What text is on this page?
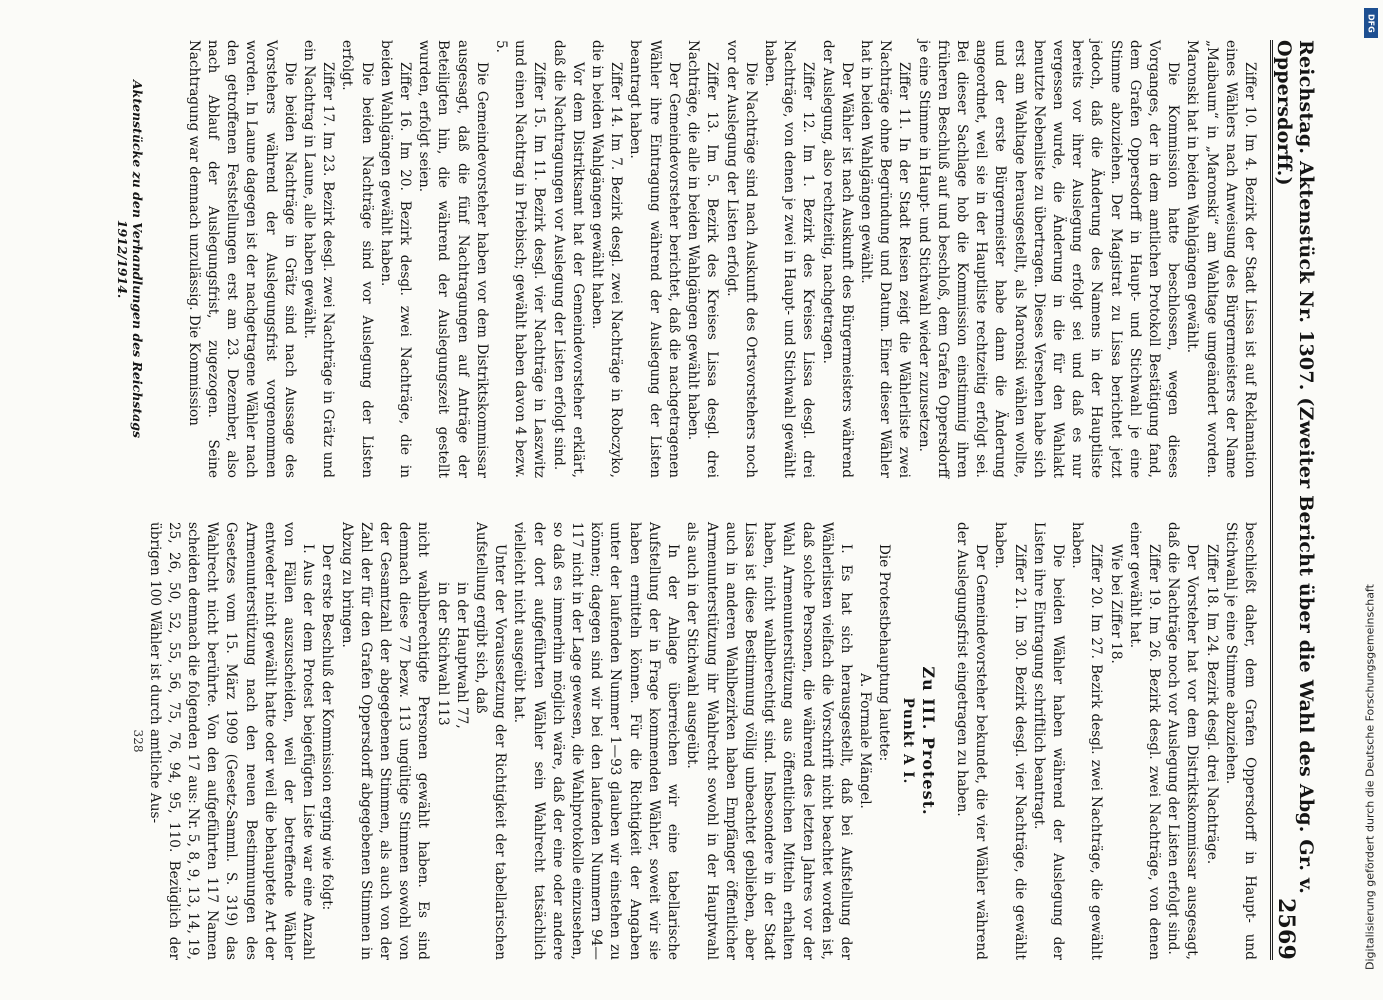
Reichstag. Aktenstück Nr. 1307. (Zweiter Bericht über die Wahl des Abg. Gr. v. Oppersdorff.)
2569

Ziffer 10. Im 4. Bezirk der Stadt Lissa ist auf Reklamation eines Wählers nach Anweisung des Bürgermeisters der Name „Maibaum“ in „Maronski“ am Wahltage umgeändert worden. Maronski hat in beiden Wahlgängen gewählt.

Die Kommission hatte beschlossen, wegen dieses Vorganges, der in dem amtlichen Protokoll Bestätigung fand, dem Grafen Oppersdorff in Haupt- und Stichwahl je eine Stimme abzuziehen. Der Magistrat zu Lissa berichtet jetzt jedoch, daß die Änderung des Namens in der Hauptliste bereits vor ihrer Auslegung erfolgt sei und daß es nur vergessen wurde, die Änderung in die für den Wahlakt benutzte Nebenliste zu übertragen. Dieses Versehen habe sich erst am Wahltage herausgestellt, als Maronski wählen wollte, und der erste Bürgermeister habe dann die Änderung angeordnet, weil sie in der Hauptliste rechtzeitig erfolgt sei. Bei dieser Sachlage hob die Kommission einstimmig ihren früheren Beschluß auf und beschloß, dem Grafen Oppersdorff je eine Stimme in Haupt- und Stichwahl wieder zuzusetzen.

Ziffer 11. In der Stadt Reisen zeigt die Wählerliste zwei Nachträge ohne Begründung und Datum. Einer dieser Wähler hat in beiden Wahlgängen gewählt.

Der Wähler ist nach Auskunft des Bürgermeisters während der Auslegung, also rechtzeitig, nachgetragen.

Ziffer 12. Im 1. Bezirk des Kreises Lissa desgl. drei Nachträge, von denen je zwei in Haupt- und Stichwahl gewählt haben.

Die Nachträge sind nach Auskunft des Ortsvorstehers noch vor der Auslegung der Listen erfolgt.

Ziffer 13. Im 5. Bezirk des Kreises Lissa desgl. drei Nachträge, die alle in beiden Wahlgängen gewählt haben.

Der Gemeindevorsteher berichtet, daß die nachgetragenen Wähler ihre Eintragung während der Auslegung der Listen beantragt haben.

Ziffer 14. Im 7. Bezirk desgl. zwei Nachträge in Robczyko, die in beiden Wahlgängen gewählt haben.

Vor dem Distriktsamt hat der Gemeindevorsteher erklärt, daß die Nachtragungen vor Auslegung der Listen erfolgt sind.

Ziffer 15. Im 11. Bezirk desgl. vier Nachträge in Laszwitz und einen Nachtrag in Priebisch; gewählt haben davon 4 bezw. 5.

Die Gemeindevorsteher haben vor dem Distriktskommissar ausgesagt, daß die fünf Nachtragungen auf Anträge der Beteiligten hin, die während der Auslegungszeit gestellt wurden, erfolgt seien.

Ziffer 16. Im 20. Bezirk desgl. zwei Nachträge, die in beiden Wahlgängen gewählt haben.

Die beiden Nachträge sind vor Auslegung der Listen erfolgt.

Ziffer 17. Im 23. Bezirk desgl. zwei Nachträge in Grätz und ein Nachtrag in Laune, alle haben gewählt.

Die beiden Nachträge in Grätz sind nach Aussage des Vorstehers während der Auslegungsfrist vorgenommen worden. In Laune dagegen ist der nachgetragene Wähler nach den getroffenen Feststellungen erst am 23. Dezember, also nach Ablauf der Auslegungsfrist, zugezogen. Seine Nachtragung war demnach unzulässig. Die Kommission

beschließt daher, dem Grafen Oppersdorff in Haupt- und Stichwahl je eine Stimme abzuziehen.

Ziffer 18. Im 24. Bezirk desgl. drei Nachträge.

Der Vorsteher hat vor dem Distriktskommissar ausgesagt, daß die Nachträge noch vor Auslegung der Listen erfolgt sind.

Ziffer 19. Im 26. Bezirk desgl. zwei Nachträge, von denen einer gewählt hat.

Wie bei Ziffer 18.

Ziffer 20. Im 27. Bezirk desgl. zwei Nachträge, die gewählt haben.

Die beiden Wähler haben während der Auslegung der Listen ihre Eintragung schriftlich beantragt.

Ziffer 21. Im 30. Bezirk desgl. vier Nachträge, die gewählt haben.

Der Gemeindevorsteher bekundet, die vier Wähler während der Auslegungsfrist eingetragen zu haben.

Zu III. Protest.

Punkt A I.

Die Protestbehauptung lautete:

A. Formale Mängel.

I. Es hat sich herausgestellt, daß bei Aufstellung der Wählerlisten vielfach die Vorschrift nicht beachtet worden ist, daß solche Personen, die während des letzten Jahres vor der Wahl Armenunterstützung aus öffentlichen Mitteln erhalten haben, nicht wahlberechtigt sind. Insbesondere in der Stadt Lissa ist diese Bestimmung völlig unbeachtet geblieben, aber auch in anderen Wahlbezirken haben Empfänger öffentlicher Armenunterstützung ihr Wahlrecht sowohl in der Hauptwahl als auch in der Stichwahl ausgeübt.

In der Anlage überreichen wir eine tabellarische Aufstellung der in Frage kommenden Wähler, soweit wir sie haben ermitteln können. Für die Richtigkeit der Angaben unter der laufenden Nummer 1—93 glauben wir einstehen zu können; dagegen sind wir bei den laufenden Nummern 94—117 nicht in der Lage gewesen, die Wahlprotokolle einzusehen, so daß es immerhin möglich wäre, daß der eine oder andere der dort aufgeführten Wähler sein Wahlrecht tatsächlich vielleicht nicht ausgeübt hat.

Unter der Voraussetzung der Richtigkeit der tabellarischen Aufstellung ergibt sich, daß

in der Hauptwahl 77,

in der Stichwahl 113

nicht wahlberechtigte Personen gewählt haben. Es sind demnach diese 77 bezw. 113 ungültige Stimmen sowohl von der Gesamtzahl der abgegebenen Stimmen, als auch von der Zahl der für den Grafen Oppersdorff abgegebenen Stimmen in Abzug zu bringen.

Der erste Beschluß der Kommission erging wie folgt:

I. Aus der dem Protest beigefügten Liste war eine Anzahl von Fällen auszuscheiden, weil der betreffende Wähler entweder nicht gewählt hatte oder weil die behauptete Art der Armenunterstützung nach den neuen Bestimmungen des Gesetzes vom 15. März 1909 (Gesetz-Samml. S. 319) das Wahlrecht nicht berührte. Von den aufgeführten 117 Namen scheiden demnach die folgenden 17 aus: Nr. 5, 8, 9, 13, 14, 19, 25, 26, 50, 52, 55, 56, 75, 76, 94, 95, 110. Bezüglich der übrigen 100 Wähler ist durch amtliche Aus-

Aktenstücke zu den Verhandlungen des Reichstags 1912/1914.
328
DFG
Digitalisierung gefördert durch die Deutsche Forschungsgemeinschaft
